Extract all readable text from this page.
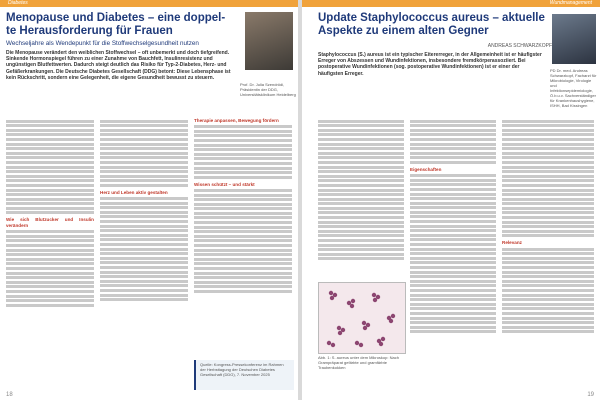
Diabetes
Menopause und Diabetes – eine doppel-
te Herausforderung für Frauen
Wechseljahre als Wendepunkt für die Stoffwechselgesundheit nutzen
Die Menopause verändert den weiblichen Stoffwechsel – oft unbemerkt und doch tiefgreifend. Sinkende Hormonspiegel führen zu einer Zunahme von Bauchfett, Insulinresistenz und ungünstigen Blutfettwerten. Dadurch steigt deutlich das Risiko für Typ-2-Diabetes, Herz- und Gefäßerkrankungen. Die Deutsche Diabetes Gesellschaft (DDG) betont: Diese Lebensphase ist kein Rückschritt, sondern eine Gelegenheit, die eigene Gesundheit bewusst zu steuern.
Prof. Dr. Julia Szendrödi, Präsidentin der DDG, Universitätsklinikum Heidelberg
Wie sich Blutzucker und Insulin verändern
Herz und Leben aktiv gestalten
Therapie anpassen, Bewegung fördern
Wissen schützt – und stärkt
Quelle: Kongress-Pressekonferenz im Rahmen der Herbsttagung der Deutschen Diabetes Gesellschaft (DDG), 7. November 2025
18
Wundmanagement
Update Staphylococcus aureus – aktuelle
Aspekte zu einem alten Gegner
ANDREAS SCHWARZKOPF
Staphylococcus (S.) aureus ist ein typischer Eitererreger, in der Allgemeinheit ist er häufigster Erreger von Abszessen und Wundinfektionen, insbesondere fremdkörperassoziiert. Bei postoperative Wundinfektionen (sog. postoperative Wundinfektionen) ist er einer der häufigsten Erreger.
PD Dr. med. Andreas Schwarzkopf, Facharzt für Mikrobiologie, Virologie und Infektionsepidemiologie, Ö.b.u.v. Sachverständiger für Krankenhaushygiene, ISHH, Bad Kissingen
Abb. 1: S. aureus unter dem Mikroskop: Nach Grampräparat gefärbte und gramfärbte Traubenkokken
Eigenschaften
Relevanz
19
